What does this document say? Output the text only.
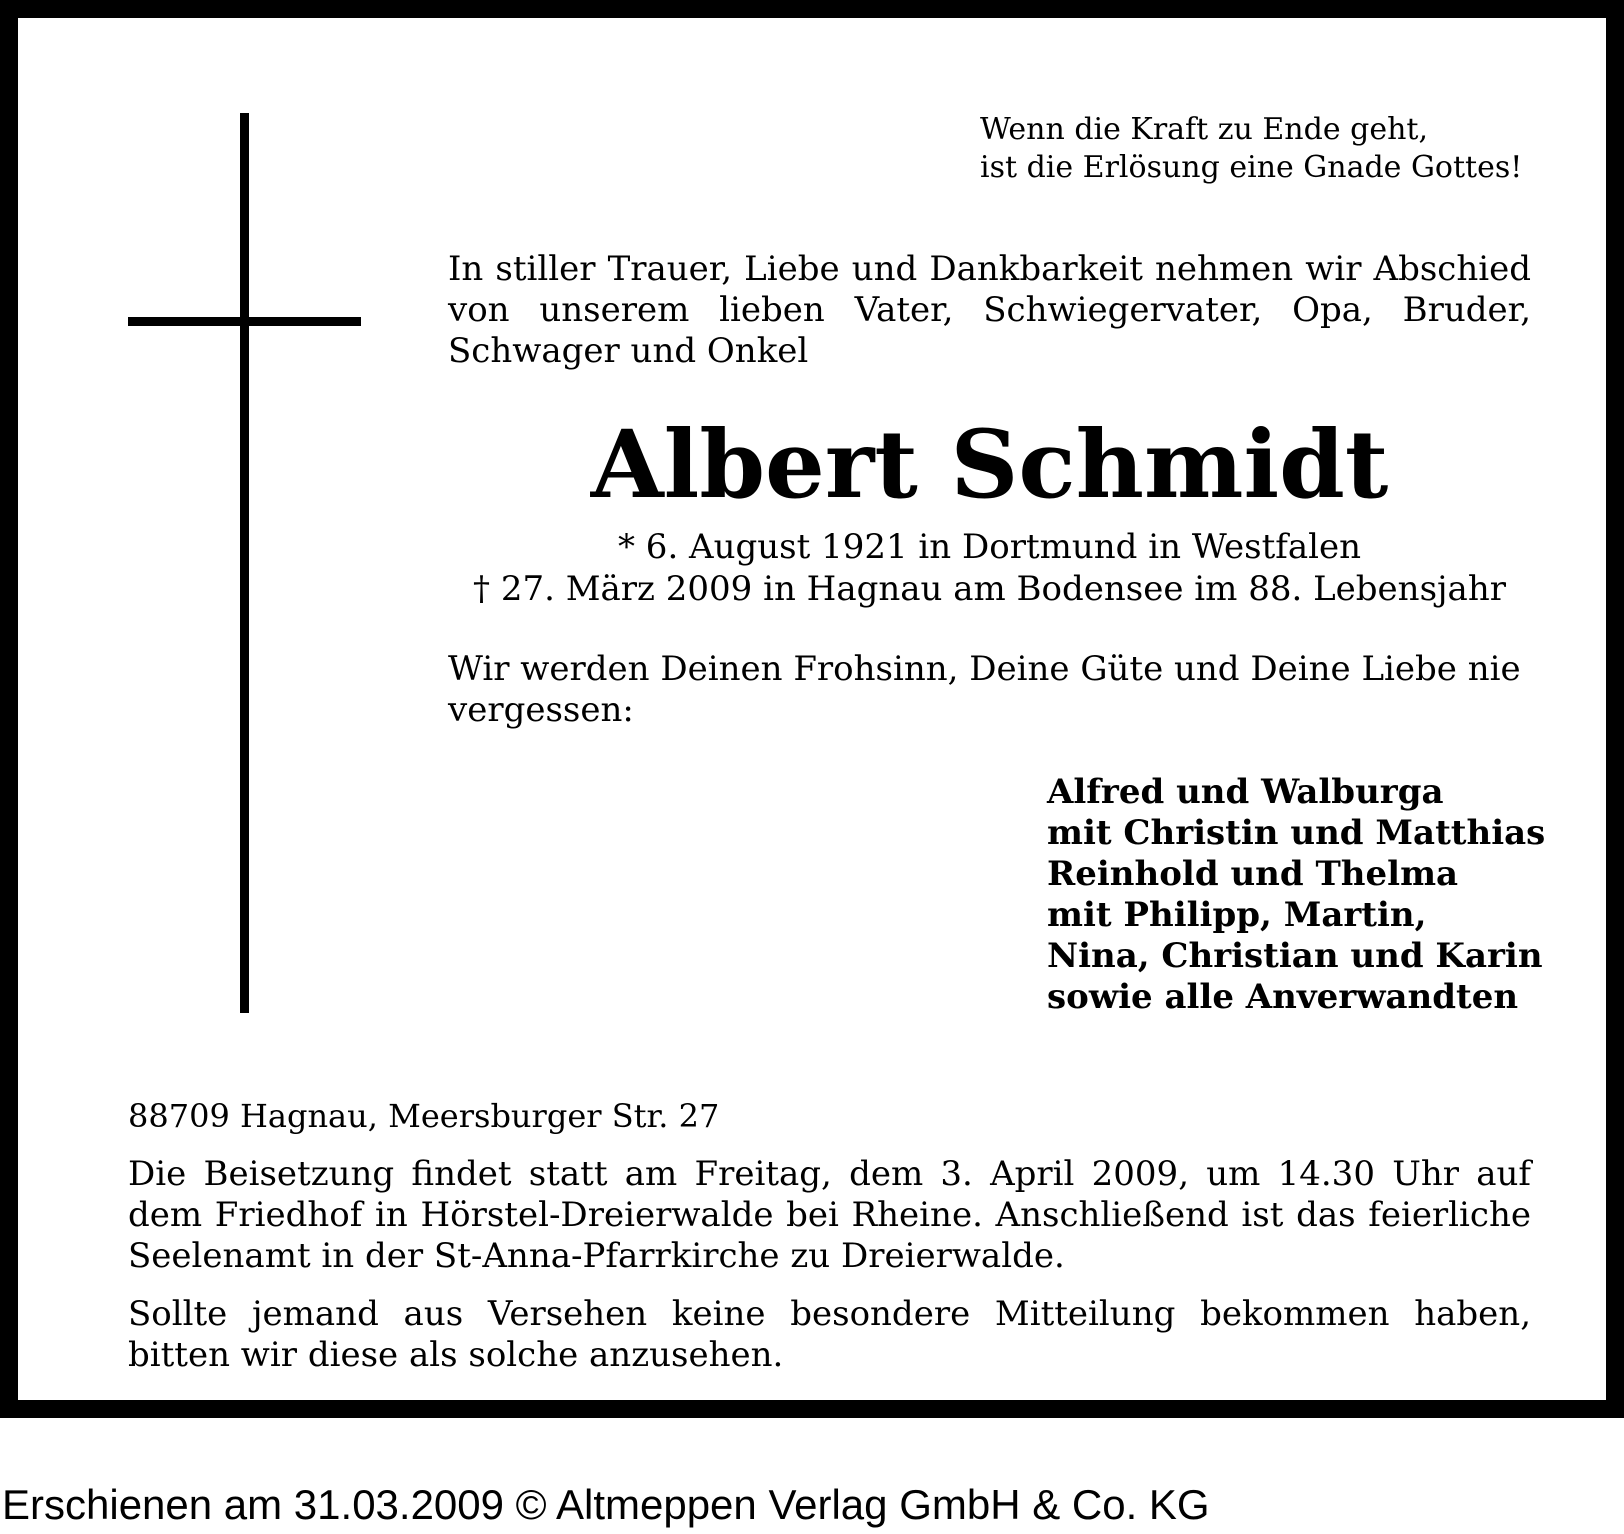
Wenn die Kraft zu Ende geht,
ist die Erlösung eine Gnade Gottes!
In stiller Trauer, Liebe und Dankbarkeit nehmen wir Abschied von unserem lieben Vater, Schwiegervater, Opa, Bruder, Schwager und Onkel
Albert Schmidt
* 6. August 1921 in Dortmund in Westfalen
† 27. März 2009 in Hagnau am Bodensee im 88. Lebensjahr
Wir werden Deinen Frohsinn, Deine Güte und Deine Liebe nie vergessen:
Alfred und Walburga
mit Christin und Matthias
Reinhold und Thelma
mit Philipp, Martin,
Nina, Christian und Karin
sowie alle Anverwandten
88709 Hagnau, Meersburger Str. 27
Die Beisetzung findet statt am Freitag, dem 3. April 2009, um 14.30 Uhr auf dem Friedhof in Hörstel-Dreierwalde bei Rheine. Anschließend ist das feierliche Seelenamt in der St-Anna-Pfarrkirche zu Dreierwalde.
Sollte jemand aus Versehen keine besondere Mitteilung bekommen haben, bitten wir diese als solche anzusehen.
Erschienen am 31.03.2009 © Altmeppen Verlag GmbH & Co. KG
